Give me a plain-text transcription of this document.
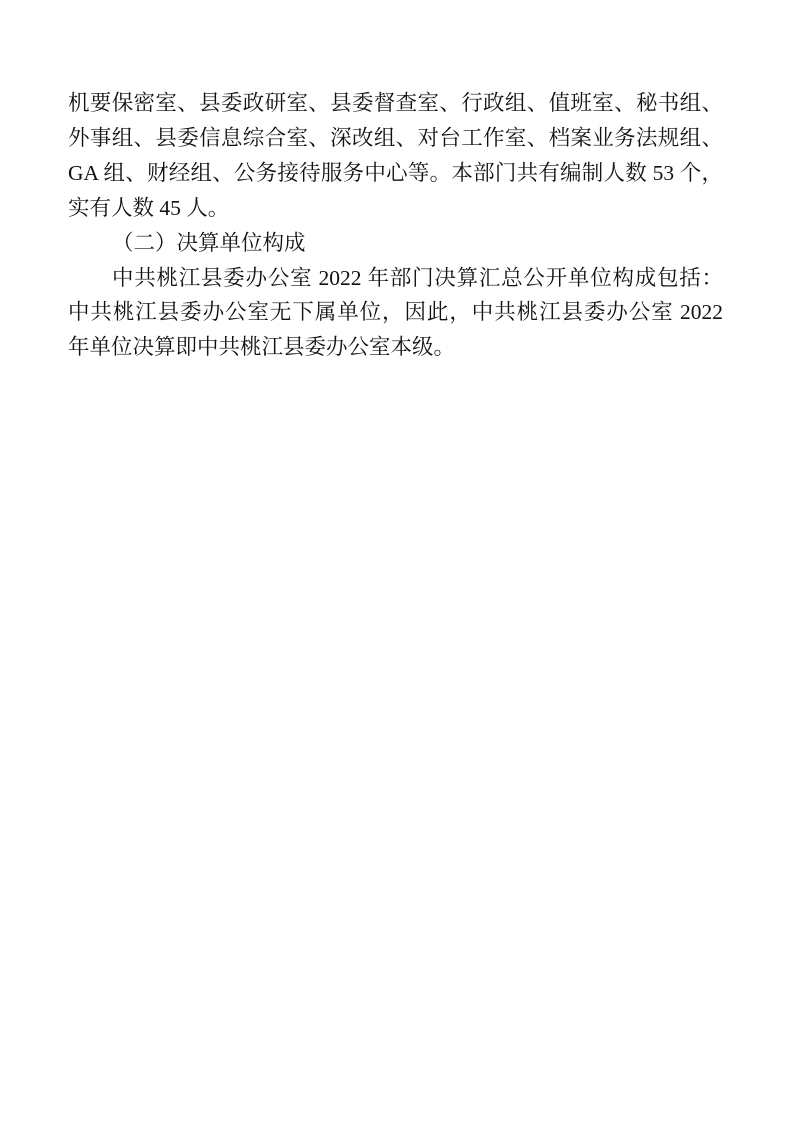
机要保密室、县委政研室、县委督查室、行政组、值班室、秘书组、
外事组、县委信息综合室、深改组、对台工作室、档案业务法规组、
GA 组、财经组、公务接待服务中心等。本部门共有编制人数 53 个，
实有人数 45 人。
（二）决算单位构成
中共桃江县委办公室 2022 年部门决算汇总公开单位构成包括：
中共桃江县委办公室无下属单位，因此，中共桃江县委办公室 2022
年单位决算即中共桃江县委办公室本级。
